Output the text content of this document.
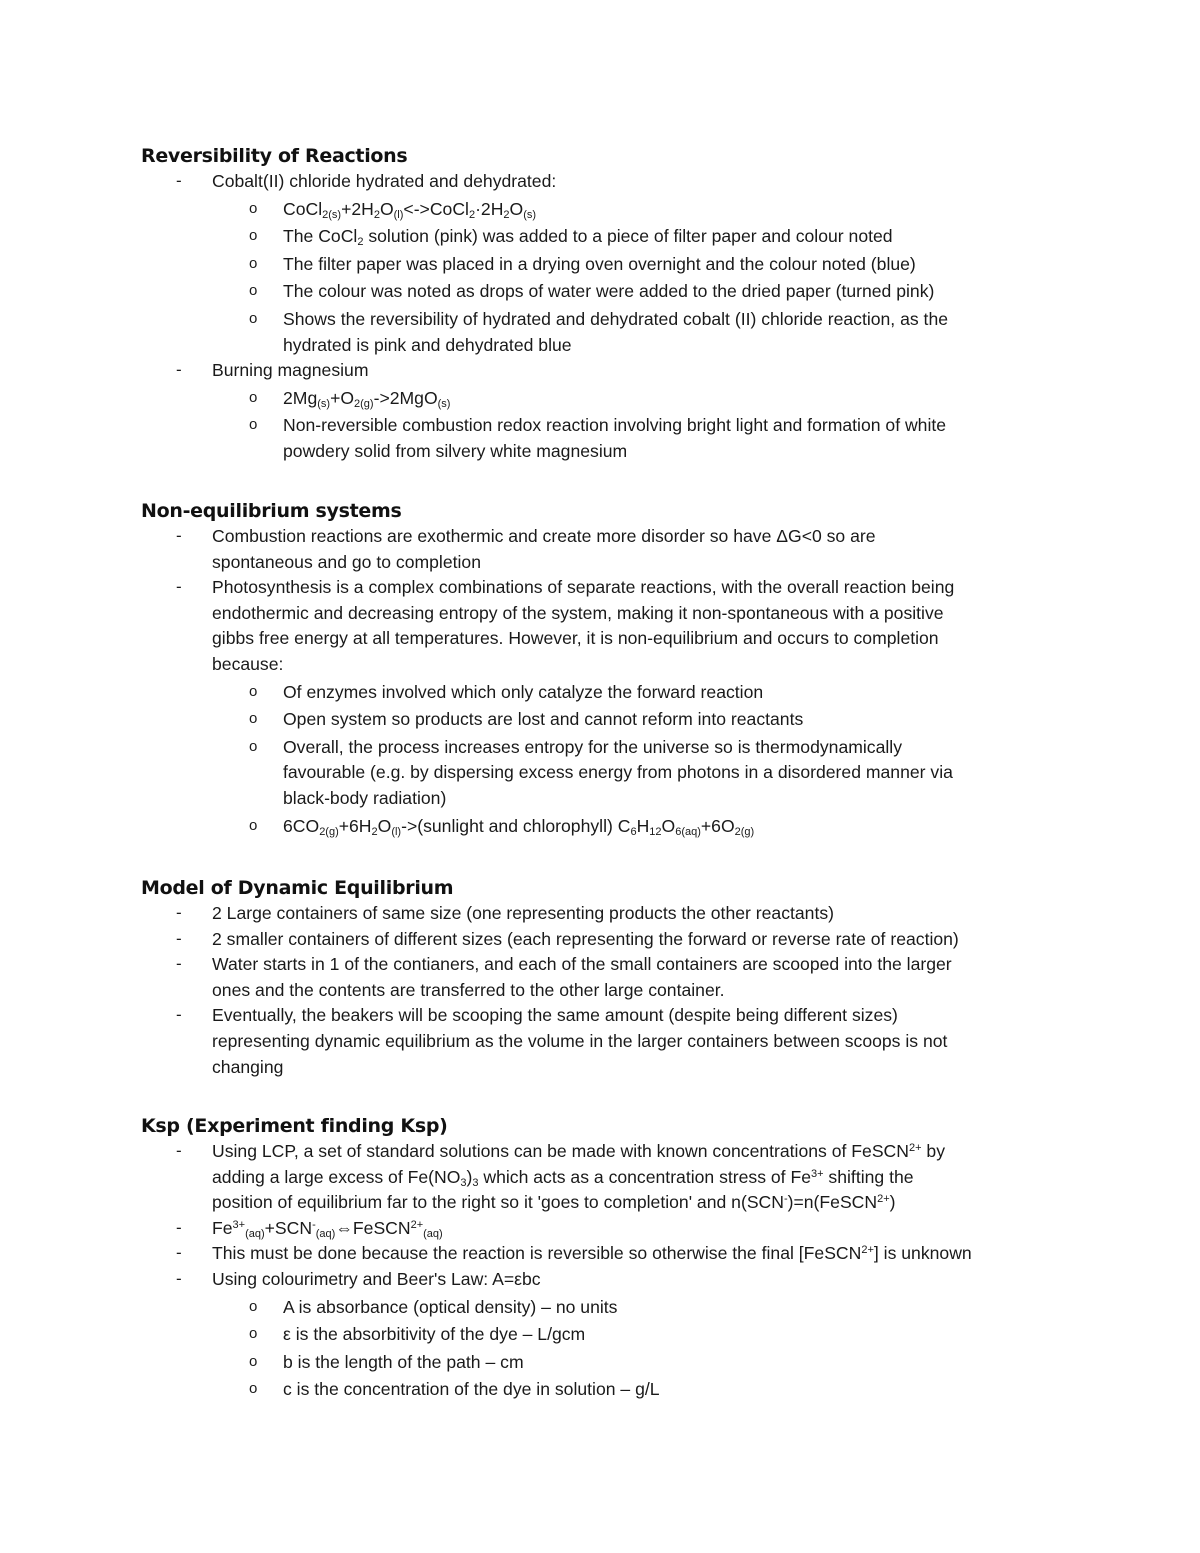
Reversibility of Reactions
- Cobalt(II) chloride hydrated and dehydrated:
o $CoCl_{2(s)}+2H_2O_{(l)}<->CoCl_2\cdot 2H_2O_{(s)}$
o The CoCl$_2$ solution (pink) was added to a piece of filter paper and colour noted
o The filter paper was placed in a drying oven overnight and the colour noted (blue)
o The colour was noted as drops of water were added to the dried paper (turned pink)
o Shows the reversibility of hydrated and dehydrated cobalt (II) chloride reaction, as the
hydrated is pink and dehydrated blue
- Burning magnesium
o $2Mg_{(s)}+O_{2(g)}->2MgO_{(s)}$
o Non-reversible combustion redox reaction involving bright light and formation of white
powdery solid from silvery white magnesium
Non-equilibrium systems
- Combustion reactions are exothermic and create more disorder so have ΔG<0 so are
spontaneous and go to completion
- Photosynthesis is a complex combinations of separate reactions, with the overall reaction being
endothermic and decreasing entropy of the system, making it non-spontaneous with a positive
gibbs free energy at all temperatures. However, it is non-equilibrium and occurs to completion
because:
o Of enzymes involved which only catalyze the forward reaction
o Open system so products are lost and cannot reform into reactants
o Overall, the process increases entropy for the universe so is thermodynamically
favourable (e.g. by dispersing excess energy from photons in a disordered manner via
black-body radiation)
o $6CO_{2(g)}+6H_2O_{(l)}->(sunlight$ and chlorophyll) $C_6H_{12}O_{6(aq)}+6O_{2(g)}$
Model of Dynamic Equilibrium
- 2 Large containers of same size (one representing products the other reactants)
- 2 smaller containers of different sizes (each representing the forward or reverse rate of reaction)
- Water starts in 1 of the contianers, and each of the small containers are scooped into the larger
ones and the contents are transferred to the other large container.
- Eventually, the beakers will be scooping the same amount (despite being different sizes)
representing dynamic equilibrium as the volume in the larger containers between scoops is not
changing
Ksp (Experiment finding Ksp)
- Using LCP, a set of standard solutions can be made with known concentrations of FeSCN$^{2+}$ by
adding a large excess of $Fe(NO_3)_3$ which acts as a concentration stress of $Fe^{3+}$ shifting the
position of equilibrium far to the right so it 'goes to completion' and n(SCN-)=n(FeSCN$^{2+}$)
- $Fe^{3+}_{(aq)}+SCN^-_{(aq)}\Leftrightarrow FeSCN^{2+}_{(aq)}$
- This must be done because the reaction is reversible so otherwise the final [FeSCN$^{2+}$] is unknown
- Using colourimetry and Beer's Law: A=εbc
o A is absorbance (optical density) – no units
o ε is the absorbitivity of the dye – L/gcm
o b is the length of the path – cm
o c is the concentration of the dye in solution – g/L
